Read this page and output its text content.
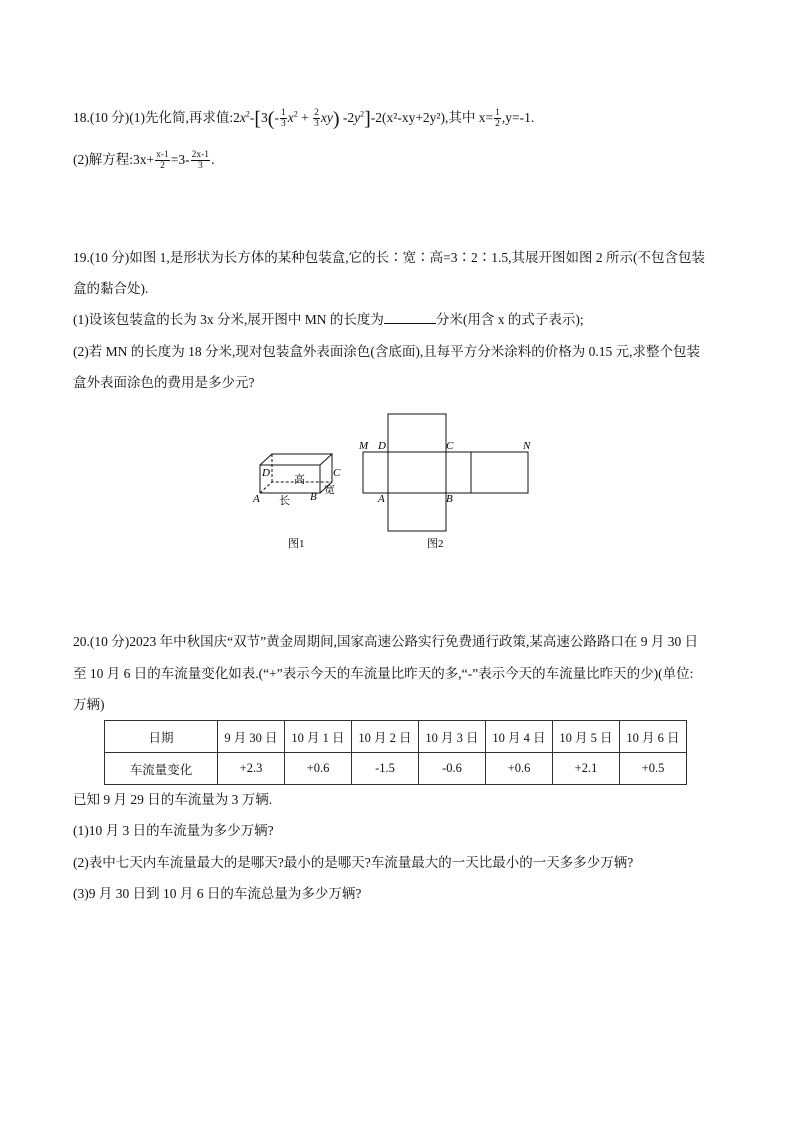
18.(10 分)(1)先化简,再求值$:2x^2-[3(- \frac{1}{3} x^2 + \frac{2}{3} xy)$ $-2y^2]-2(x^2-xy+2y^2)$,其中 $x= \frac{1}{2} ,y=-1$.
(2)解方程:3x+ $\frac{x-1}{2} =3- \frac{2x-1}{3}$ .
19.(10 分)如图 1,是形状为长方体的某种包装盒,它的长∶宽∶高=3∶2∶1.5,其展开图如图 2 所示(不包含包装
盒的黏合处).
(1)设该包装盒的长为 3x 分米,展开图中 MN 的长度为	分米(用含 x 的式子表示);
(2)若 MN 的长度为 18 分米,现对包装盒外表面涂色(含底面),且每平方分米涂料的价格为 0.15 元,求整个包装
盒外表面涂色的费用是多少元?
D	C
A	B
高
长
宽
图1
M D	C	N
A	B
图2
20.(10 分)2023 年中秋国庆“双节”黄金周期间,国家高速公路实行免费通行政策,某高速公路路口在 9 月 30 日
至 10 月 6 日的车流量变化如表.(“+”表示今天的车流量比昨天的多,“-”表示今天的车流量比昨天的少)(单位:
万辆)
日期	9 月 30 日	10 月 1 日	10 月 2 日	10 月 3 日	10 月 4 日	10 月 5 日	10 月 6 日
车流量变化	+2.3	+0.6	-1.5	-0.6	+0.6	+2.1	+0.5
已知 9 月 29 日的车流量为 3 万辆.
(1)10 月 3 日的车流量为多少万辆?
(2)表中七天内车流量最大的是哪天?最小的是哪天?车流量最大的一天比最小的一天多多少万辆?
(3)9 月 30 日到 10 月 6 日的车流总量为多少万辆?
